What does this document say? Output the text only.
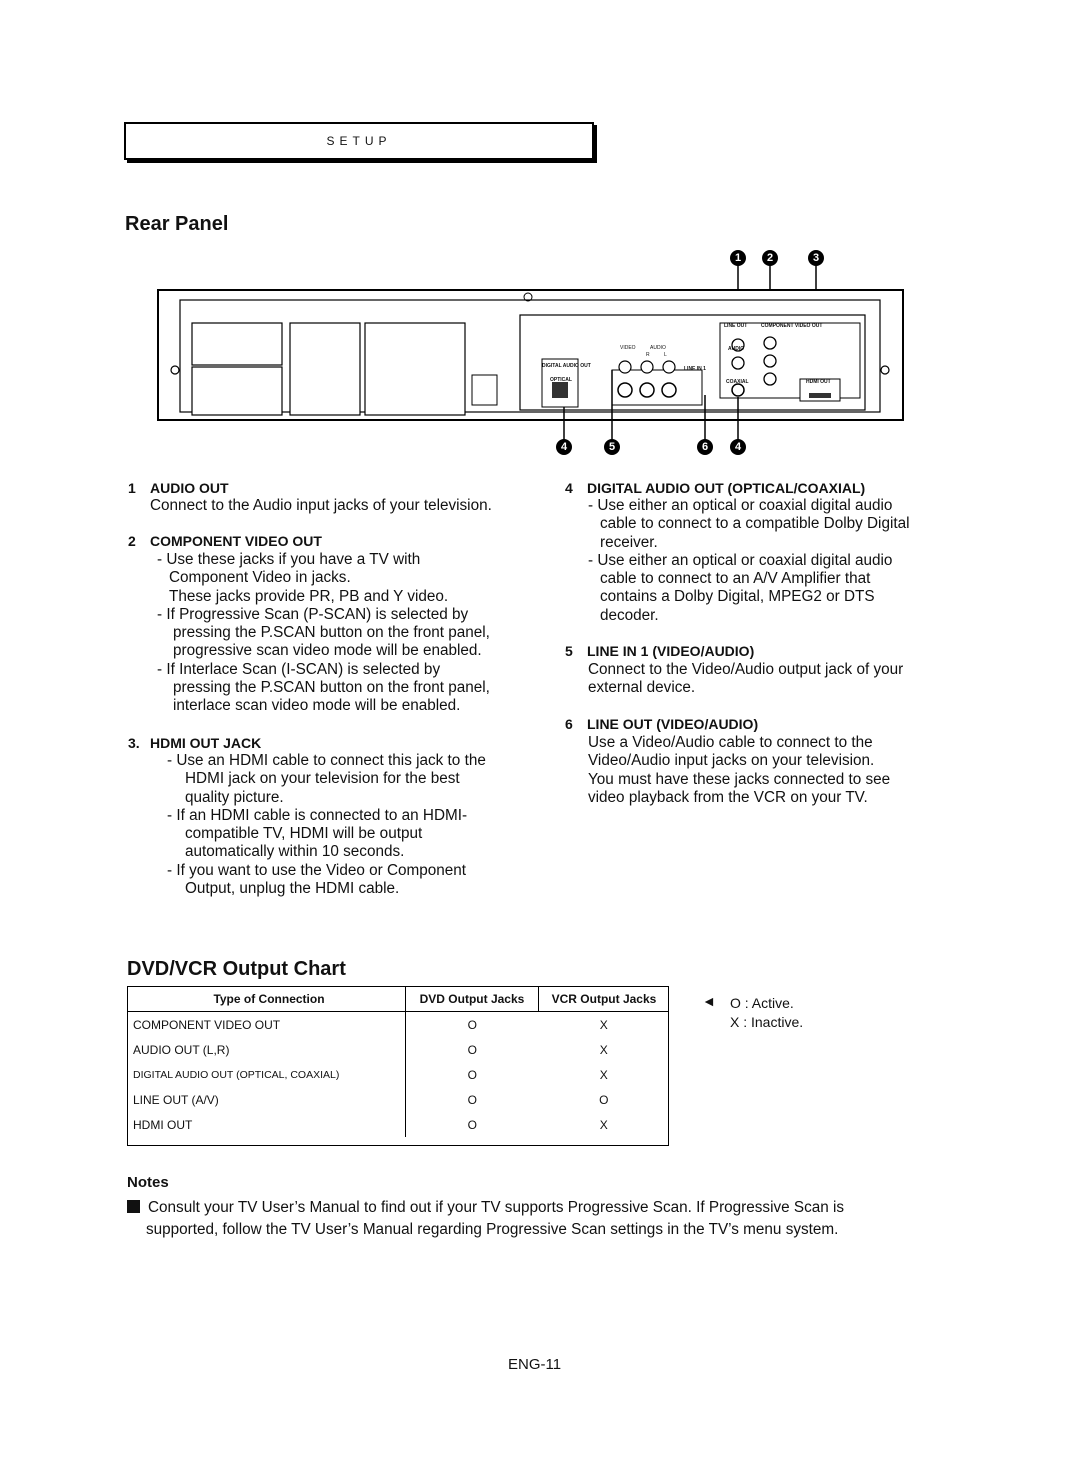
SETUP
Rear Panel
DIGITAL AUDIO OUT
OPTICAL
VIDEO	AUDIO
R	L
LINE IN 1
LINE OUT	COMPONENT VIDEO OUT
AUDIO
COAXIAL	HDMI OUT
1	2	3
4	5	6	4
1 AUDIO OUT
Connect to the Audio input jacks of your television.
2 COMPONENT VIDEO OUT
- Use these jacks if you have a TV with
Component Video in jacks.
These jacks provide PR, PB and Y video.
- If Progressive Scan (P-SCAN) is selected by
pressing the P.SCAN button on the front panel,
progressive scan video mode will be enabled.
- If Interlace Scan (I-SCAN) is selected by
pressing the P.SCAN button on the front panel,
interlace scan video mode will be enabled.
3. HDMI OUT JACK
- Use an HDMI cable to connect this jack to the
HDMI jack on your television for the best
quality picture.
- If an HDMI cable is connected to an HDMI-
compatible TV, HDMI will be output
automatically within 10 seconds.
- If you want to use the Video or Component
Output, unplug the HDMI cable.
4 DIGITAL AUDIO OUT (OPTICAL/COAXIAL)
- Use either an optical or coaxial digital audio
cable to connect to a compatible Dolby Digital
receiver.
- Use either an optical or coaxial digital audio
cable to connect to an A/V Amplifier that
contains a Dolby Digital, MPEG2 or DTS
decoder.
5 LINE IN 1 (VIDEO/AUDIO)
Connect to the Video/Audio output jack of your
external device.
6 LINE OUT (VIDEO/AUDIO)
Use a Video/Audio cable to connect to the
Video/Audio input jacks on your television.
You must have these jacks connected to see
video playback from the VCR on your TV.
DVD/VCR Output Chart
Type of Connection	DVD Output Jacks	VCR Output Jacks
COMPONENT VIDEO OUT	O	X
AUDIO OUT (L,R)	O	X
DIGITAL AUDIO OUT (OPTICAL, COAXIAL)	O	X
LINE OUT (A/V)	O	O
HDMI OUT	O	X
◄ O : Active.
X : Inactive.
Notes
Consult your TV User’s Manual to find out if your TV supports Progressive Scan. If Progressive Scan is
supported, follow the TV User’s Manual regarding Progressive Scan settings in the TV’s menu system.
ENG-11
